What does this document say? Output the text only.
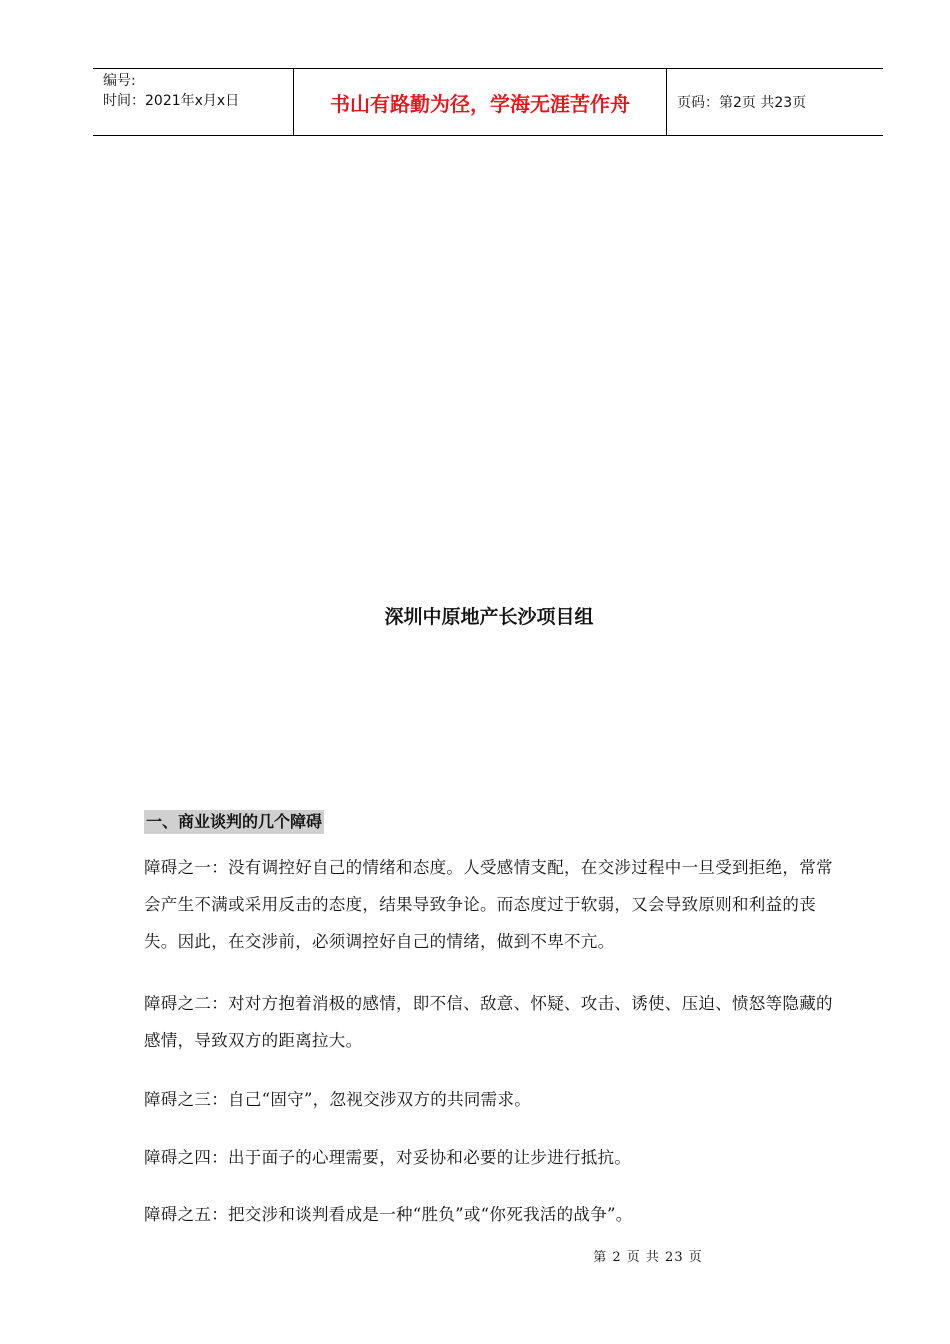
编号:
时间：2021年x月x日	书山有路勤为径，学海无涯苦作舟	页码：第2页 共23页
深圳中原地产长沙项目组
一、商业谈判的几个障碍
障碍之一：没有调控好自己的情绪和态度。人受感情支配，在交涉过程中一旦受到拒绝，常常会产生不满或采用反击的态度，结果导致争论。而态度过于软弱，又会导致原则和利益的丧失。因此，在交涉前，必须调控好自己的情绪，做到不卑不亢。
障碍之二：对对方抱着消极的感情，即不信、敌意、怀疑、攻击、诱使、压迫、愤怒等隐藏的感情，导致双方的距离拉大。
障碍之三：自己“固守”，忽视交涉双方的共同需求。
障碍之四：出于面子的心理需要，对妥协和必要的让步进行抵抗。
障碍之五：把交涉和谈判看成是一种“胜负”或“你死我活的战争”。
第 2 页 共 23 页
